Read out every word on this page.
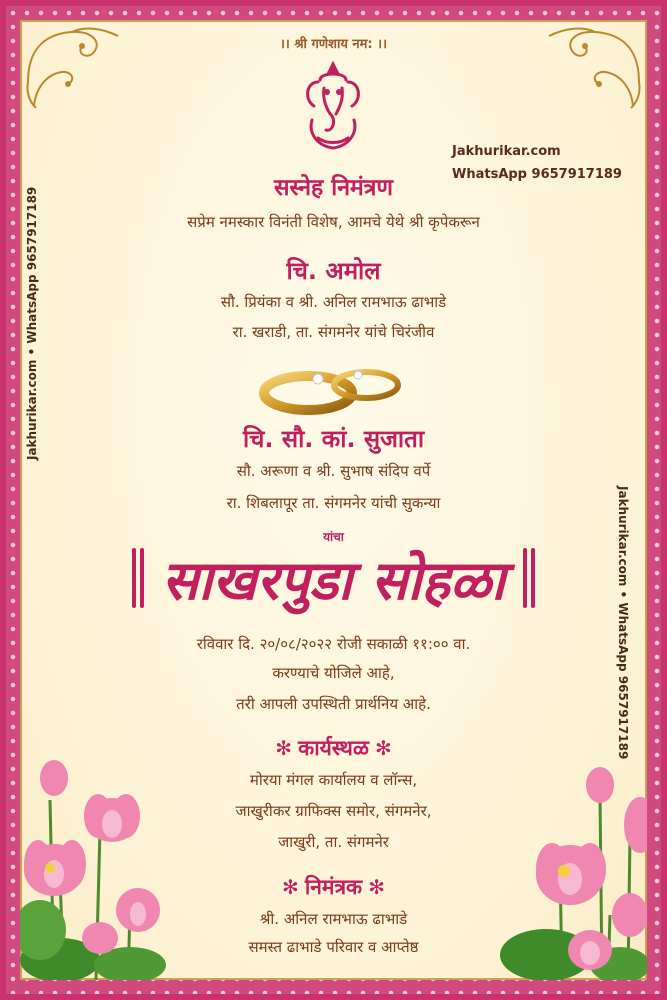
।। श्री गणेशाय नम: ।।
Jakhurikar.com
WhatsApp 9657917189
Jakhurikar.com • WhatsApp 9657917189
Jakhurikar.com • WhatsApp 9657917189
सस्नेह निमंत्रण
सप्रेम नमस्कार विनंती विशेष, आमचे येथे श्री कृपेकरून
चि. अमोल
सौ. प्रियंका व श्री. अनिल रामभाऊ ढाभाडे
रा. खराडी, ता. संगमनेर यांचे चिरंजीव
चि. सौ. कां. सुजाता
सौ. अरूणा व श्री. सुभाष संदिप वर्पे
रा. शिबलापूर ता. संगमनेर यांची सुकन्या
यांचा
साखरपुडा सोहळा
रविवार दि. २०/०८/२०२२ रोजी सकाळी ११:०० वा.
करण्याचे योजिले आहे,
तरी आपली उपस्थिती प्रार्थनिय आहे.
✻ कार्यस्थळ ✻
मोरया मंगल कार्यालय व लॉन्स,
जाखुरीकर ग्राफिक्स समोर, संगमनेर,
जाखुरी, ता. संगमनेर
✻ निमंत्रक ✻
श्री. अनिल रामभाऊ ढाभाडे
समस्त ढाभाडे परिवार व आप्तेष्ठ
